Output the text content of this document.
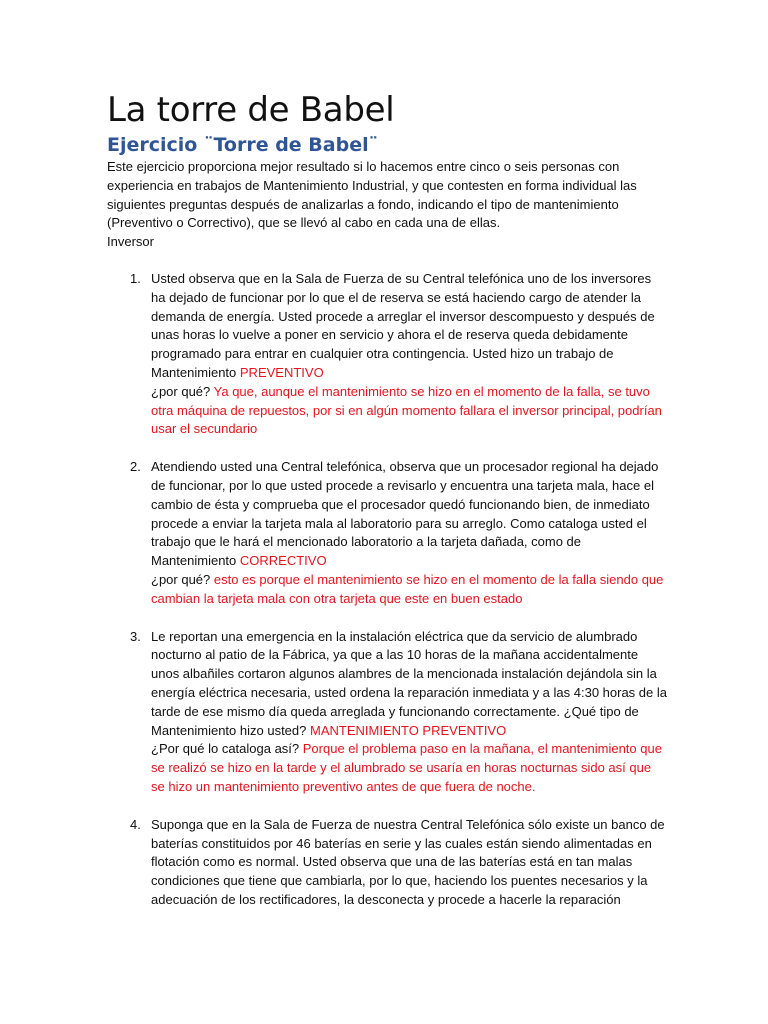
La torre de Babel
Ejercicio ¨Torre de Babel¨

Este ejercicio proporciona mejor resultado si lo hacemos entre cinco o seis personas con experiencia en trabajos de Mantenimiento Industrial, y que contesten en forma individual las siguientes preguntas después de analizarlas a fondo, indicando el tipo de mantenimiento (Preventivo o Correctivo), que se llevó al cabo en cada una de ellas.

Inversor

1. Usted observa que en la Sala de Fuerza de su Central telefónica uno de los inversores ha dejado de funcionar por lo que el de reserva se está haciendo cargo de atender la demanda de energía. Usted procede a arreglar el inversor descompuesto y después de unas horas lo vuelve a poner en servicio y ahora el de reserva queda debidamente programado para entrar en cualquier otra contingencia. Usted hizo un trabajo de Mantenimiento PREVENTIVO

¿por qué? Ya que, aunque el mantenimiento se hizo en el momento de la falla, se tuvo otra máquina de repuestos, por si en algún momento fallara el inversor principal, podrían usar el secundario

2. Atendiendo usted una Central telefónica, observa que un procesador regional ha dejado de funcionar, por lo que usted procede a revisarlo y encuentra una tarjeta mala, hace el cambio de ésta y comprueba que el procesador quedó funcionando bien, de inmediato procede a enviar la tarjeta mala al laboratorio para su arreglo. Como cataloga usted el trabajo que le hará el mencionado laboratorio a la tarjeta dañada, como de Mantenimiento CORRECTIVO

¿por qué? esto es porque el mantenimiento se hizo en el momento de la falla siendo que cambian la tarjeta mala con otra tarjeta que este en buen estado

3. Le reportan una emergencia en la instalación eléctrica que da servicio de alumbrado nocturno al patio de la Fábrica, ya que a las 10 horas de la mañana accidentalmente unos albañiles cortaron algunos alambres de la mencionada instalación dejándola sin la energía eléctrica necesaria, usted ordena la reparación inmediata y a las 4:30 horas de la tarde de ese mismo día queda arreglada y funcionando correctamente. ¿Qué tipo de Mantenimiento hizo usted? MANTENIMIENTO PREVENTIVO

¿Por qué lo cataloga así? Porque el problema paso en la mañana, el mantenimiento que se realizó se hizo en la tarde y el alumbrado se usaría en horas nocturnas sido así que se hizo un mantenimiento preventivo antes de que fuera de noche.

4. Suponga que en la Sala de Fuerza de nuestra Central Telefónica sólo existe un banco de baterías constituidos por 46 baterías en serie y las cuales están siendo alimentadas en flotación como es normal. Usted observa que una de las baterías está en tan malas condiciones que tiene que cambiarla, por lo que, haciendo los puentes necesarios y la adecuación de los rectificadores, la desconecta y procede a hacerle la reparación
